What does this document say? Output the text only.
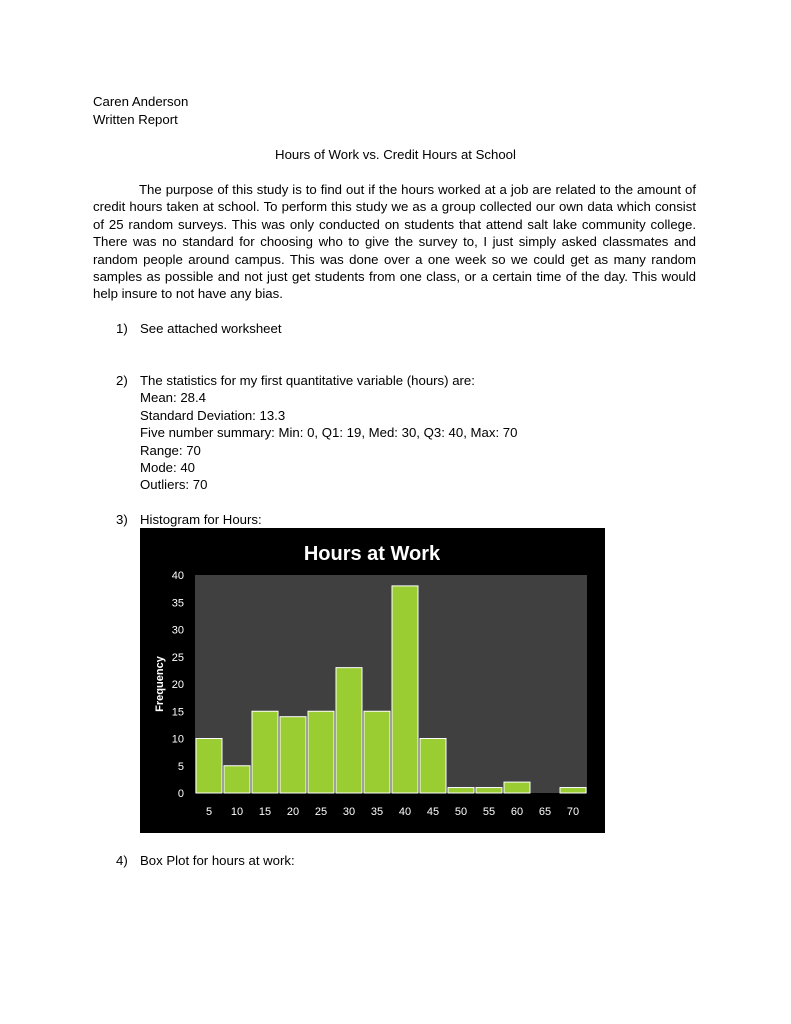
Caren Anderson
Written Report
Hours of Work vs. Credit Hours at School
The purpose of this study is to find out if the hours worked at a job are related to the amount of credit hours taken at school. To perform this study we as a group collected our own data which consist of 25 random surveys. This was only conducted on students that attend salt lake community college. There was no standard for choosing who to give the survey to, I just simply asked classmates and random people around campus. This was done over a one week so we could get as many random samples as possible and not just get students from one class, or a certain time of the day. This would help insure to not have any bias.
1) See attached worksheet
2) The statistics for my first quantitative variable (hours) are:
Mean: 28.4
Standard Deviation: 13.3
Five number summary: Min: 0, Q1: 19, Med: 30, Q3: 40, Max: 70
Range: 70
Mode: 40
Outliers: 70
3) Histogram for Hours:
Hours at Work
Frequency
0
5
10
15
20
25
30
35
40
5 10 15 20 25 30 35 40 45 50 55 60 65 70
4) Box Plot for hours at work:
